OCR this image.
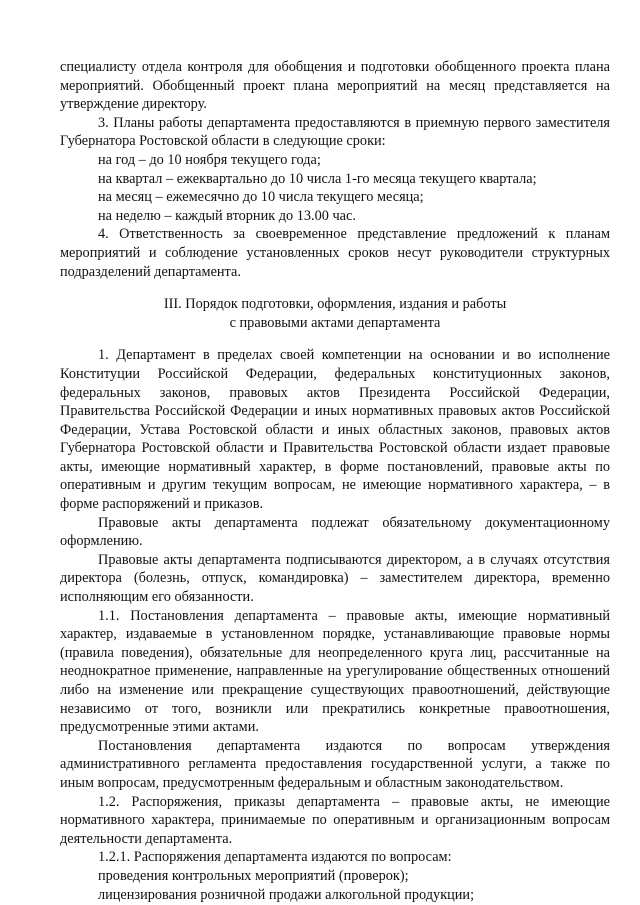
специалисту отдела контроля для обобщения и подготовки обобщенного проекта плана мероприятий. Обобщенный проект плана мероприятий на месяц представляется на утверждение директору.

3. Планы работы департамента предоставляются в приемную первого заместителя Губернатора Ростовской области в следующие сроки:

на год – до 10 ноября текущего года;

на квартал – ежеквартально до 10 числа 1-го месяца текущего квартала;

на месяц – ежемесячно до 10 числа текущего месяца;

на неделю – каждый вторник до 13.00 час.

4. Ответственность за своевременное представление предложений к планам мероприятий и соблюдение установленных сроков несут руководители структурных подразделений департамента.

III. Порядок подготовки, оформления, издания и работы

с правовыми актами департамента

1. Департамент в пределах своей компетенции на основании и во исполнение Конституции Российской Федерации, федеральных конституционных законов, федеральных законов, правовых актов Президента Российской Федерации, Правительства Российской Федерации и иных нормативных правовых актов Российской Федерации, Устава Ростовской области и иных областных законов, правовых актов Губернатора Ростовской области и Правительства Ростовской области издает правовые акты, имеющие нормативный характер, в форме постановлений, правовые акты по оперативным и другим текущим вопросам, не имеющие нормативного характера, – в форме распоряжений и приказов.

Правовые акты департамента подлежат обязательному документационному оформлению.

Правовые акты департамента подписываются директором, а в случаях отсутствия директора (болезнь, отпуск, командировка) – заместителем директора, временно исполняющим его обязанности.

1.1. Постановления департамента – правовые акты, имеющие нормативный характер, издаваемые в установленном порядке, устанавливающие правовые нормы (правила поведения), обязательные для неопределенного круга лиц, рассчитанные на неоднократное применение, направленные на урегулирование общественных отношений либо на изменение или прекращение существующих правоотношений, действующие независимо от того, возникли или прекратились конкретные правоотношения, предусмотренные этими актами.

Постановления департамента издаются по вопросам утверждения административного регламента предоставления государственной услуги, а также по иным вопросам, предусмотренным федеральным и областным законодательством.

1.2. Распоряжения, приказы департамента – правовые акты, не имеющие нормативного характера, принимаемые по оперативным и организационным вопросам деятельности департамента.

1.2.1. Распоряжения департамента издаются по вопросам:

проведения контрольных мероприятий (проверок);

лицензирования розничной продажи алкогольной продукции;
